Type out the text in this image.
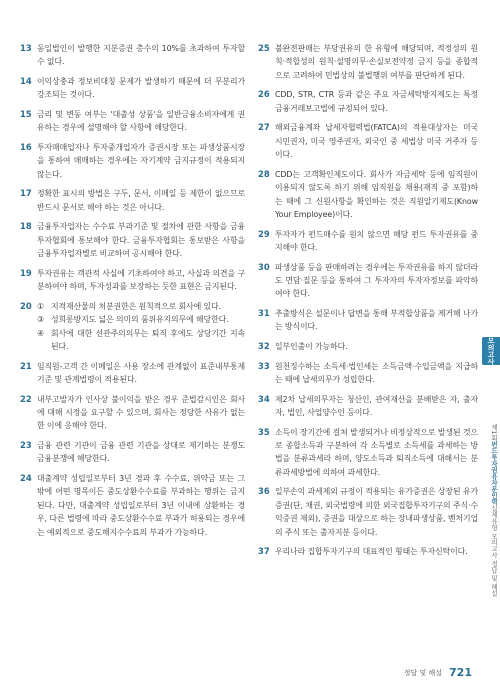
13 동일법인이 발행한 지분증권 총수의 10%를 초과하여 투자할 수 없다.
14 이익상충과 정보비대칭 문제가 발생하기 때문에 더 무분리가 강조되는 것이다.
15 금리 및 변동 여부는 '대출성 상품'을 일반금융소비자에게 권유하는 경우에 설명해야 할 사항에 해당한다.
16 투자매매업자나 투자중개업자가 증권시장 또는 파생상품시장을 통하여 매매하는 경우에는 자기계약 금지규정이 적용되지 않는다.
17 정확한 표시의 방법은 구두, 문서, 이메일 등 제한이 없으므로 반드시 문서로 해야 하는 것은 아니다.
18 금융투자업자는 수수료 부과기준 및 절차에 관한 사항을 금융투자협회에 통보해야 한다. 금융투자협회는 통보받은 사항을 금융투자업자별로 비교하여 공시해야 한다.
19 투자권유는 객관적 사실에 기초하여야 하고, 사실과 의견을 구분하여야 하며, 투자성과를 보장하는 듯한 표현은 금지된다.
20 ① 지적재산물의 처분권한은 원칙적으로 회사에 있다.
③ 성희롱방지도 넓은 의미의 품위유지의무에 해당한다.
④ 회사에 대한 선관주의의무는 퇴직 후에도 상당기간 지속된다.
21 임직원-고객 간 이메일은 사용 장소에 관계없이 표준내부통제기준 및 관계법령이 적용된다.
22 내부고발자가 인사상 불이익을 받은 경우 준법감시인은 회사에 대해 시정을 요구할 수 있으며, 회사는 정당한 사유가 없는 한 이에 응해야 한다.
23 금융 관련 기관이 금융 관련 기관을 상대로 제기하는 분쟁도 금융분쟁에 해당한다.
24 대출계약 성립일로부터 3년 경과 후 수수료, 위약금 또는 그 밖에 어떤 명목이든 중도상환수수료를 부과하는 행위는 금지된다. 다만, 대출계약 성립일로부터 3년 이내에 상환하는 경우, 다른 법령에 따라 중도상환수수료 부과가 허용되는 경우에는 예외적으로 중도해지수수료의 부과가 가능하다.
25 불완전판매는 부당권유의 한 유형에 해당되며, 적정성의 원칙·적합성의 원칙·설명의무·손실보전약정 금지 등을 종합적으로 고려하여 민법상의 불법행위 여부를 판단하게 된다.
26 CDD, STR, CTR 등과 같은 주요 자금세탁방지제도는 특정금융거래보고법에 규정되어 있다.
27 해외금융계좌 납세자협력법(FATCA)의 적용대상자는 미국 시민권자, 미국 영주권자, 외국인 중 세법상 미국 거주자 등이다.
28 CDD는 고객확인제도이다. 회사가 자금세탁 등에 임직원이 이용되지 않도록 하기 위해 임직원을 채용(재직 중 포함)하는 때에 그 신원사항을 확인하는 것은 직원알기제도(Know Your Employee)이다.
29 투자자가 펀드매수를 원치 않으면 해당 펀드 투자권유를 중지해야 한다.
30 파생상품 등을 판매하려는 경우에는 투자권유를 하지 않더라도 면담·질문 등을 통하여 그 투자자의 투자자정보를 파악하여야 한다.
31 추출방식은 설문이나 답변을 통해 부적합상품을 제거해 나가는 방식이다.
32 일부인출이 가능하다.
33 원천징수하는 소득세·법인세는 소득금액·수입금액을 지급하는 때에 납세의무가 성립한다.
34 제2차 납세의무자는 청산인, 관여재산을 분배받은 자, 출자자, 법인, 사업양수인 등이다.
35 소득이 장기간에 걸쳐 발생되거나 비정상적으로 발생된 것으로 종합소득과 구분하여 각 소득별로 소득세를 과세하는 방법을 분류과세라 하며, 양도소득과 퇴직소득에 대해서는 분류과세방법에 의하여 과세한다.
36 일부손익 과세제외 규정이 적용되는 유가증권은 상장된 유가증권(단, 채권, 외국법령에 의한 외국집합투자기구의 주식·수익증권 제외), 증권을 대상으로 하는 장내파생상품, 벤처기업의 주식 또는 출자지분 등이다.
37 우리나라 집합투자기구의 대표적인 형태는 투자신탁이다.
모의고사
제1회
펀드투자권유자문인력
실제유형 모의고사 정답 및 해설
정답 및 해설 721
